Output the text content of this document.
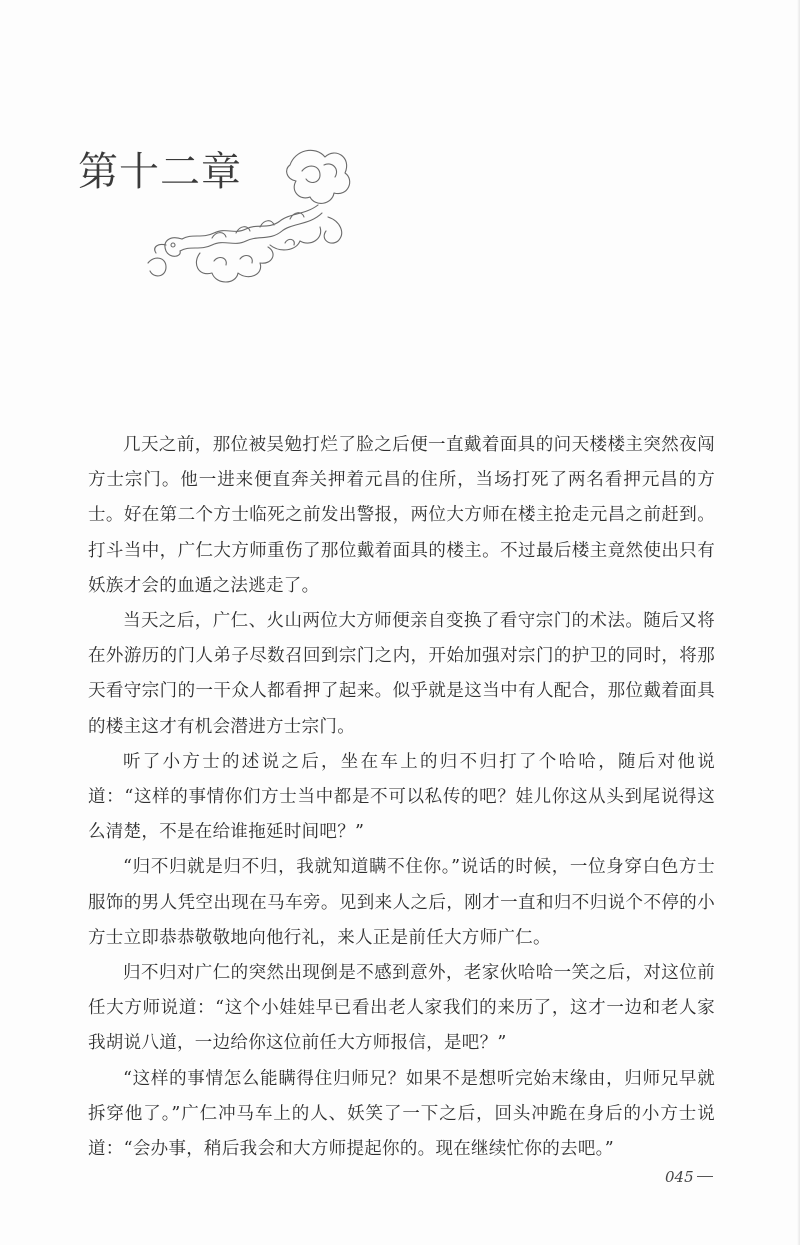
第十二章

几天之前，那位被吴勉打烂了脸之后便一直戴着面具的问天楼楼主突然夜闯方士宗门。他一进来便直奔关押着元昌的住所，当场打死了两名看押元昌的方士。好在第二个方士临死之前发出警报，两位大方师在楼主抢走元昌之前赶到。打斗当中，广仁大方师重伤了那位戴着面具的楼主。不过最后楼主竟然使出只有妖族才会的血遁之法逃走了。

当天之后，广仁、火山两位大方师便亲自变换了看守宗门的术法。随后又将在外游历的门人弟子尽数召回到宗门之内，开始加强对宗门的护卫的同时，将那天看守宗门的一干众人都看押了起来。似乎就是这当中有人配合，那位戴着面具的楼主这才有机会潜进方士宗门。

听了小方士的述说之后，坐在车上的归不归打了个哈哈，随后对他说道：“这样的事情你们方士当中都是不可以私传的吧？娃儿你这从头到尾说得这么清楚，不是在给谁拖延时间吧？”

“归不归就是归不归，我就知道瞒不住你。”说话的时候，一位身穿白色方士服饰的男人凭空出现在马车旁。见到来人之后，刚才一直和归不归说个不停的小方士立即恭恭敬敬地向他行礼，来人正是前任大方师广仁。

归不归对广仁的突然出现倒是不感到意外，老家伙哈哈一笑之后，对这位前任大方师说道：“这个小娃娃早已看出老人家我们的来历了，这才一边和老人家我胡说八道，一边给你这位前任大方师报信，是吧？”

“这样的事情怎么能瞒得住归师兄？如果不是想听完始末缘由，归师兄早就拆穿他了。”广仁冲马车上的人、妖笑了一下之后，回头冲跪在身后的小方士说道：“会办事，稍后我会和大方师提起你的。现在继续忙你的去吧。”

045
